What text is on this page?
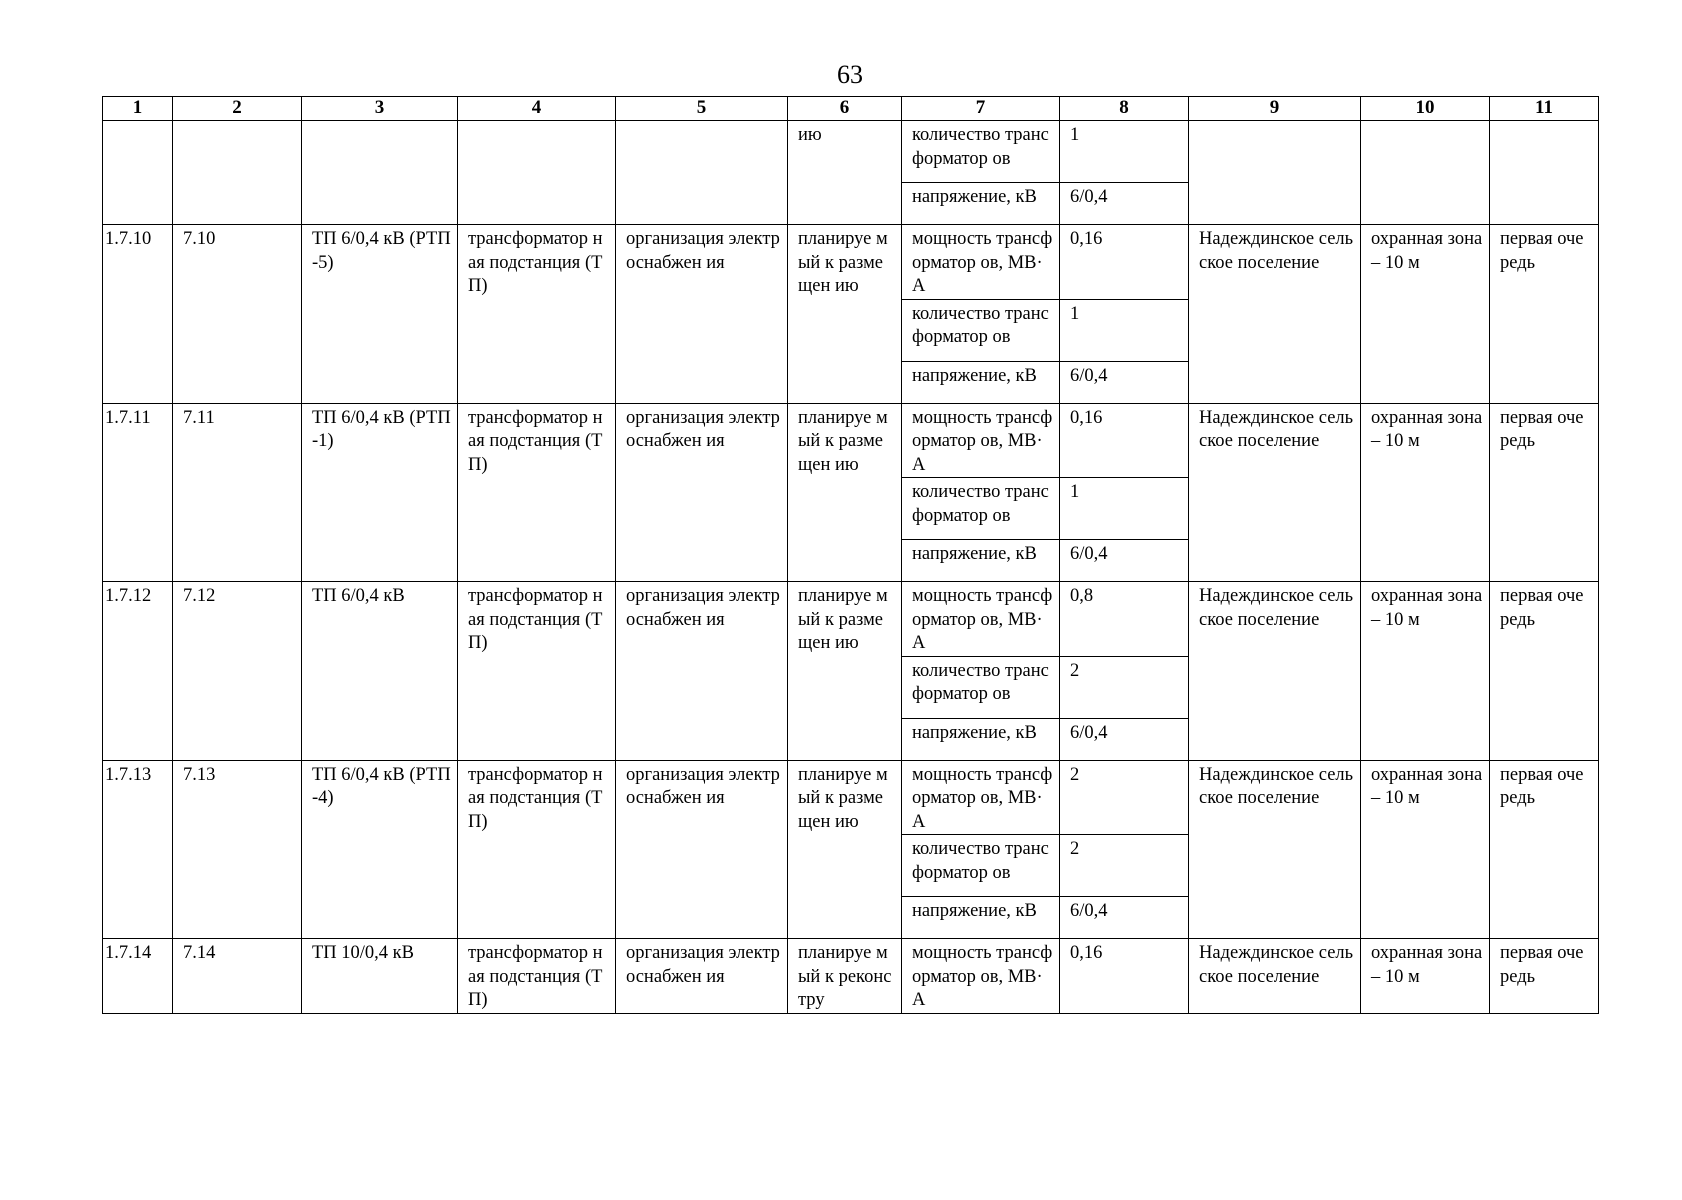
63
1	2	3	4	5	6	7	8	9	10	11
					ию	количество трансформатор ов	1			
						напряжение, кВ	6/0,4			
1.7.10	7.10	ТП 6/0,4 кВ (РТП-5)	трансформатор ная подстанция (ТП)	организация электроснабжен ия	планируе мый к размещен ию	мощность трансформатор ов, МВ·А	0,16	Надеждинское сельское поселение	охранная зона – 10 м	первая очередь
						количество трансформатор ов	1			
						напряжение, кВ	6/0,4			
1.7.11	7.11	ТП 6/0,4 кВ (РТП-1)	трансформатор ная подстанция (ТП)	организация электроснабжен ия	планируе мый к размещен ию	мощность трансформатор ов, МВ·А	0,16	Надеждинское сельское поселение	охранная зона – 10 м	первая очередь
						количество трансформатор ов	1			
						напряжение, кВ	6/0,4			
1.7.12	7.12	ТП 6/0,4 кВ	трансформатор ная подстанция (ТП)	организация электроснабжен ия	планируе мый к размещен ию	мощность трансформатор ов, МВ·А	0,8	Надеждинское сельское поселение	охранная зона – 10 м	первая очередь
						количество трансформатор ов	2			
						напряжение, кВ	6/0,4			
1.7.13	7.13	ТП 6/0,4 кВ (РТП-4)	трансформатор ная подстанция (ТП)	организация электроснабжен ия	планируе мый к размещен ию	мощность трансформатор ов, МВ·А	2	Надеждинское сельское поселение	охранная зона – 10 м	первая очередь
						количество трансформатор ов	2			
						напряжение, кВ	6/0,4			
1.7.14	7.14	ТП 10/0,4 кВ	трансформатор ная подстанция (ТП)	организация электроснабжен ия	планируе мый к реконстру	мощность трансформатор ов, МВ·А	0,16	Надеждинское сельское поселение	охранная зона – 10 м	первая очередь
